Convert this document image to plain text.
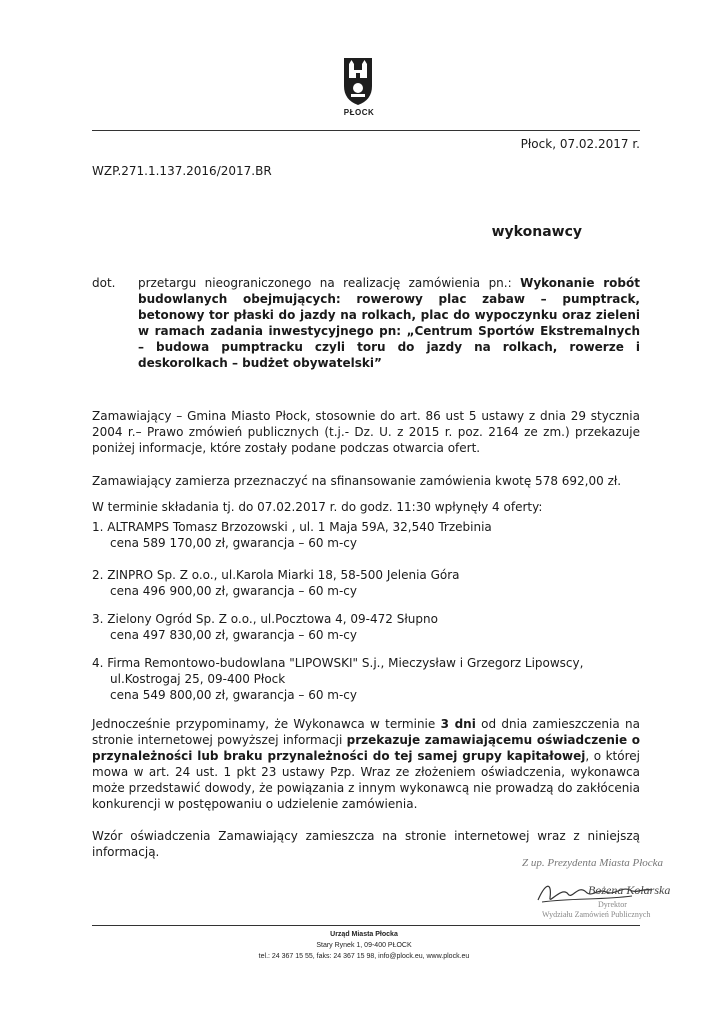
PŁOCK
Płock, 07.02.2017 r.
WZP.271.1.137.2016/2017.BR
wykonawcy
dot. przetargu nieograniczonego na realizację zamówienia pn.: Wykonanie robót budowlanych obejmujących: rowerowy plac zabaw – pumptrack, betonowy tor płaski do jazdy na rolkach, plac do wypoczynku oraz zieleni w ramach zadania inwestycyjnego pn: „Centrum Sportów Ekstremalnych – budowa pumptracku czyli toru do jazdy na rolkach, rowerze i deskorolkach – budżet obywatelski”
Zamawiający – Gmina Miasto Płock, stosownie do art. 86 ust 5 ustawy z dnia 29 stycznia 2004 r.– Prawo zmówień publicznych (t.j.- Dz. U. z 2015 r. poz. 2164 ze zm.) przekazuje poniżej informacje, które zostały podane podczas otwarcia ofert.
Zamawiający zamierza przeznaczyć na sfinansowanie zamówienia kwotę 578 692,00 zł.
W terminie składania tj. do 07.02.2017 r. do godz. 11:30 wpłynęły 4 oferty:
1. ALTRAMPS Tomasz Brzozowski , ul. 1 Maja 59A, 32,540 Trzebinia
cena 589 170,00 zł, gwarancja – 60 m-cy
2. ZINPRO Sp. Z o.o., ul.Karola Miarki 18, 58-500 Jelenia Góra
cena 496 900,00 zł, gwarancja – 60 m-cy
3. Zielony Ogród Sp. Z o.o., ul.Pocztowa 4, 09-472 Słupno
cena 497 830,00 zł, gwarancja – 60 m-cy
4. Firma Remontowo-budowlana "LIPOWSKI" S.j., Mieczysław i Grzegorz Lipowscy,
ul.Kostrogaj 25, 09-400 Płock
cena 549 800,00 zł, gwarancja – 60 m-cy
Jednocześnie przypominamy, że Wykonawca w terminie 3 dni od dnia zamieszczenia na stronie internetowej powyższej informacji przekazuje zamawiającemu oświadczenie o przynależności lub braku przynależności do tej samej grupy kapitałowej, o której mowa w art. 24 ust. 1 pkt 23 ustawy Pzp. Wraz ze złożeniem oświadczenia, wykonawca może przedstawić dowody, że powiązania z innym wykonawcą nie prowadzą do zakłócenia konkurencji w postępowaniu o udzielenie zamówienia.
Wzór oświadczenia Zamawiający zamieszcza na stronie internetowej wraz z niniejszą informacją.
Z up. Prezydenta Miasta Płocka
Bożena Kolarska
Dyrektor
Wydziału Zamówień Publicznych
Urząd Miasta Płocka
Stary Rynek 1, 09-400 PŁOCK
tel.: 24 367 15 55, faks: 24 367 15 98, info@plock.eu, www.plock.eu
